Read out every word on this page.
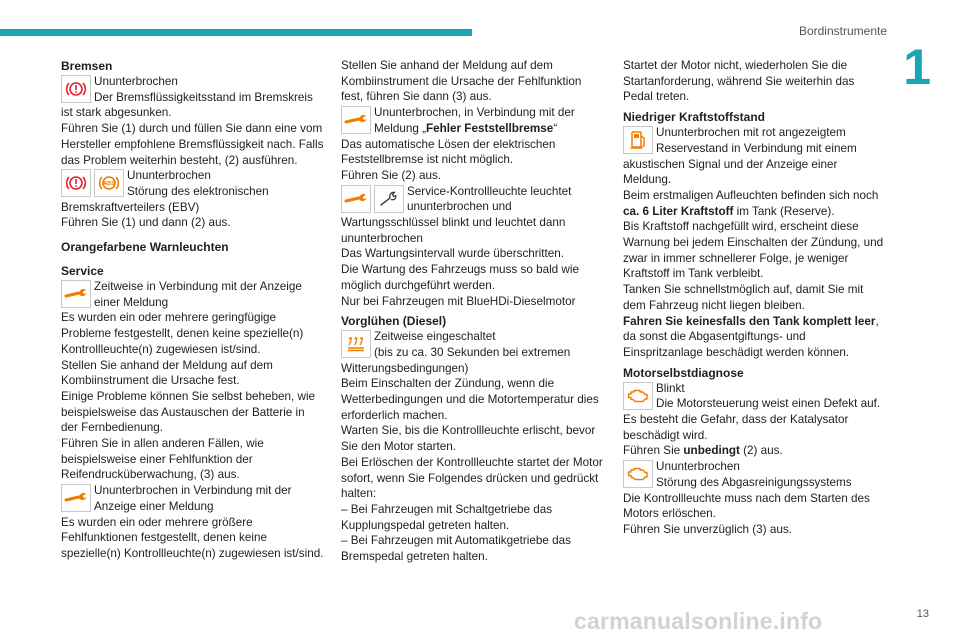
Bordinstrumente
1
Bremsen
Ununterbrochen
Der Bremsflüssigkeitsstand im Bremskreis ist stark abgesunken.

Führen Sie (1) durch und füllen Sie dann eine vom Hersteller empfohlene Bremsflüssigkeit nach. Falls das Problem weiterhin besteht, (2) ausführen.

ABS
Ununterbrochen
Störung des elektronischen Bremskraftverteilers (EBV)

Führen Sie (1) und dann (2) aus.

Orangefarbene Warnleuchten
Service
Zeitweise in Verbindung mit der Anzeige einer Meldung

Es wurden ein oder mehrere geringfügige Probleme festgestellt, denen keine spezielle(n) Kontrollleuchte(n) zugewiesen ist/sind.

Stellen Sie anhand der Meldung auf dem Kombiinstrument die Ursache fest.

Einige Probleme können Sie selbst beheben, wie beispielsweise das Austauschen der Batterie in der Fernbedienung.

Führen Sie in allen anderen Fällen, wie beispielsweise einer Fehlfunktion der Reifendrucküberwachung, (3) aus.

Ununterbrochen in Verbindung mit der Anzeige einer Meldung

Es wurden ein oder mehrere größere Fehlfunktionen festgestellt, denen keine spezielle(n) Kontrollleuchte(n) zugewiesen ist/sind.

Stellen Sie anhand der Meldung auf dem Kombiinstrument die Ursache der Fehlfunktion fest, führen Sie dann (3) aus.

Ununterbrochen, in Verbindung mit der Meldung „Fehler Feststellbremse“

Das automatische Lösen der elektrischen Feststellbremse ist nicht möglich.

Führen Sie (2) aus.

Service-Kontrollleuchte leuchtet ununterbrochen und Wartungsschlüssel blinkt und leuchtet dann ununterbrochen

Das Wartungsintervall wurde überschritten.

Die Wartung des Fahrzeugs muss so bald wie möglich durchgeführt werden.

Nur bei Fahrzeugen mit BlueHDi-Dieselmotor

Vorglühen (Diesel)
Zeitweise eingeschaltet
(bis zu ca. 30 Sekunden bei extremen Witterungsbedingungen)

Beim Einschalten der Zündung, wenn die Wetterbedingungen und die Motortemperatur dies erforderlich machen.

Warten Sie, bis die Kontrollleuchte erlischt, bevor Sie den Motor starten.

Bei Erlöschen der Kontrollleuchte startet der Motor sofort, wenn Sie Folgendes drücken und gedrückt halten:

– Bei Fahrzeugen mit Schaltgetriebe das Kupplungspedal getreten halten.

– Bei Fahrzeugen mit Automatikgetriebe das Bremspedal getreten halten.

Startet der Motor nicht, wiederholen Sie die Startanforderung, während Sie weiterhin das Pedal treten.

Niedriger Kraftstoffstand
Ununterbrochen mit rot angezeigtem Reservestand in Verbindung mit einem akustischen Signal und der Anzeige einer Meldung.

Beim erstmaligen Aufleuchten befinden sich noch ca. 6 Liter Kraftstoff im Tank (Reserve).

Bis Kraftstoff nachgefüllt wird, erscheint diese Warnung bei jedem Einschalten der Zündung, und zwar in immer schnellerer Folge, je weniger Kraftstoff im Tank verbleibt.

Tanken Sie schnellstmöglich auf, damit Sie mit dem Fahrzeug nicht liegen bleiben.

Fahren Sie keinesfalls den Tank komplett leer, da sonst die Abgasentgiftungs- und Einspritzanlage beschädigt werden können.

Motorselbstdiagnose
Blinkt
Die Motorsteuerung weist einen Defekt auf.

Es besteht die Gefahr, dass der Katalysator beschädigt wird.

Führen Sie unbedingt (2) aus.

Ununterbrochen
Störung des Abgasreinigungssystems

Die Kontrollleuchte muss nach dem Starten des Motors erlöschen.

Führen Sie unverzüglich (3) aus.

carmanualsonline.info	13
